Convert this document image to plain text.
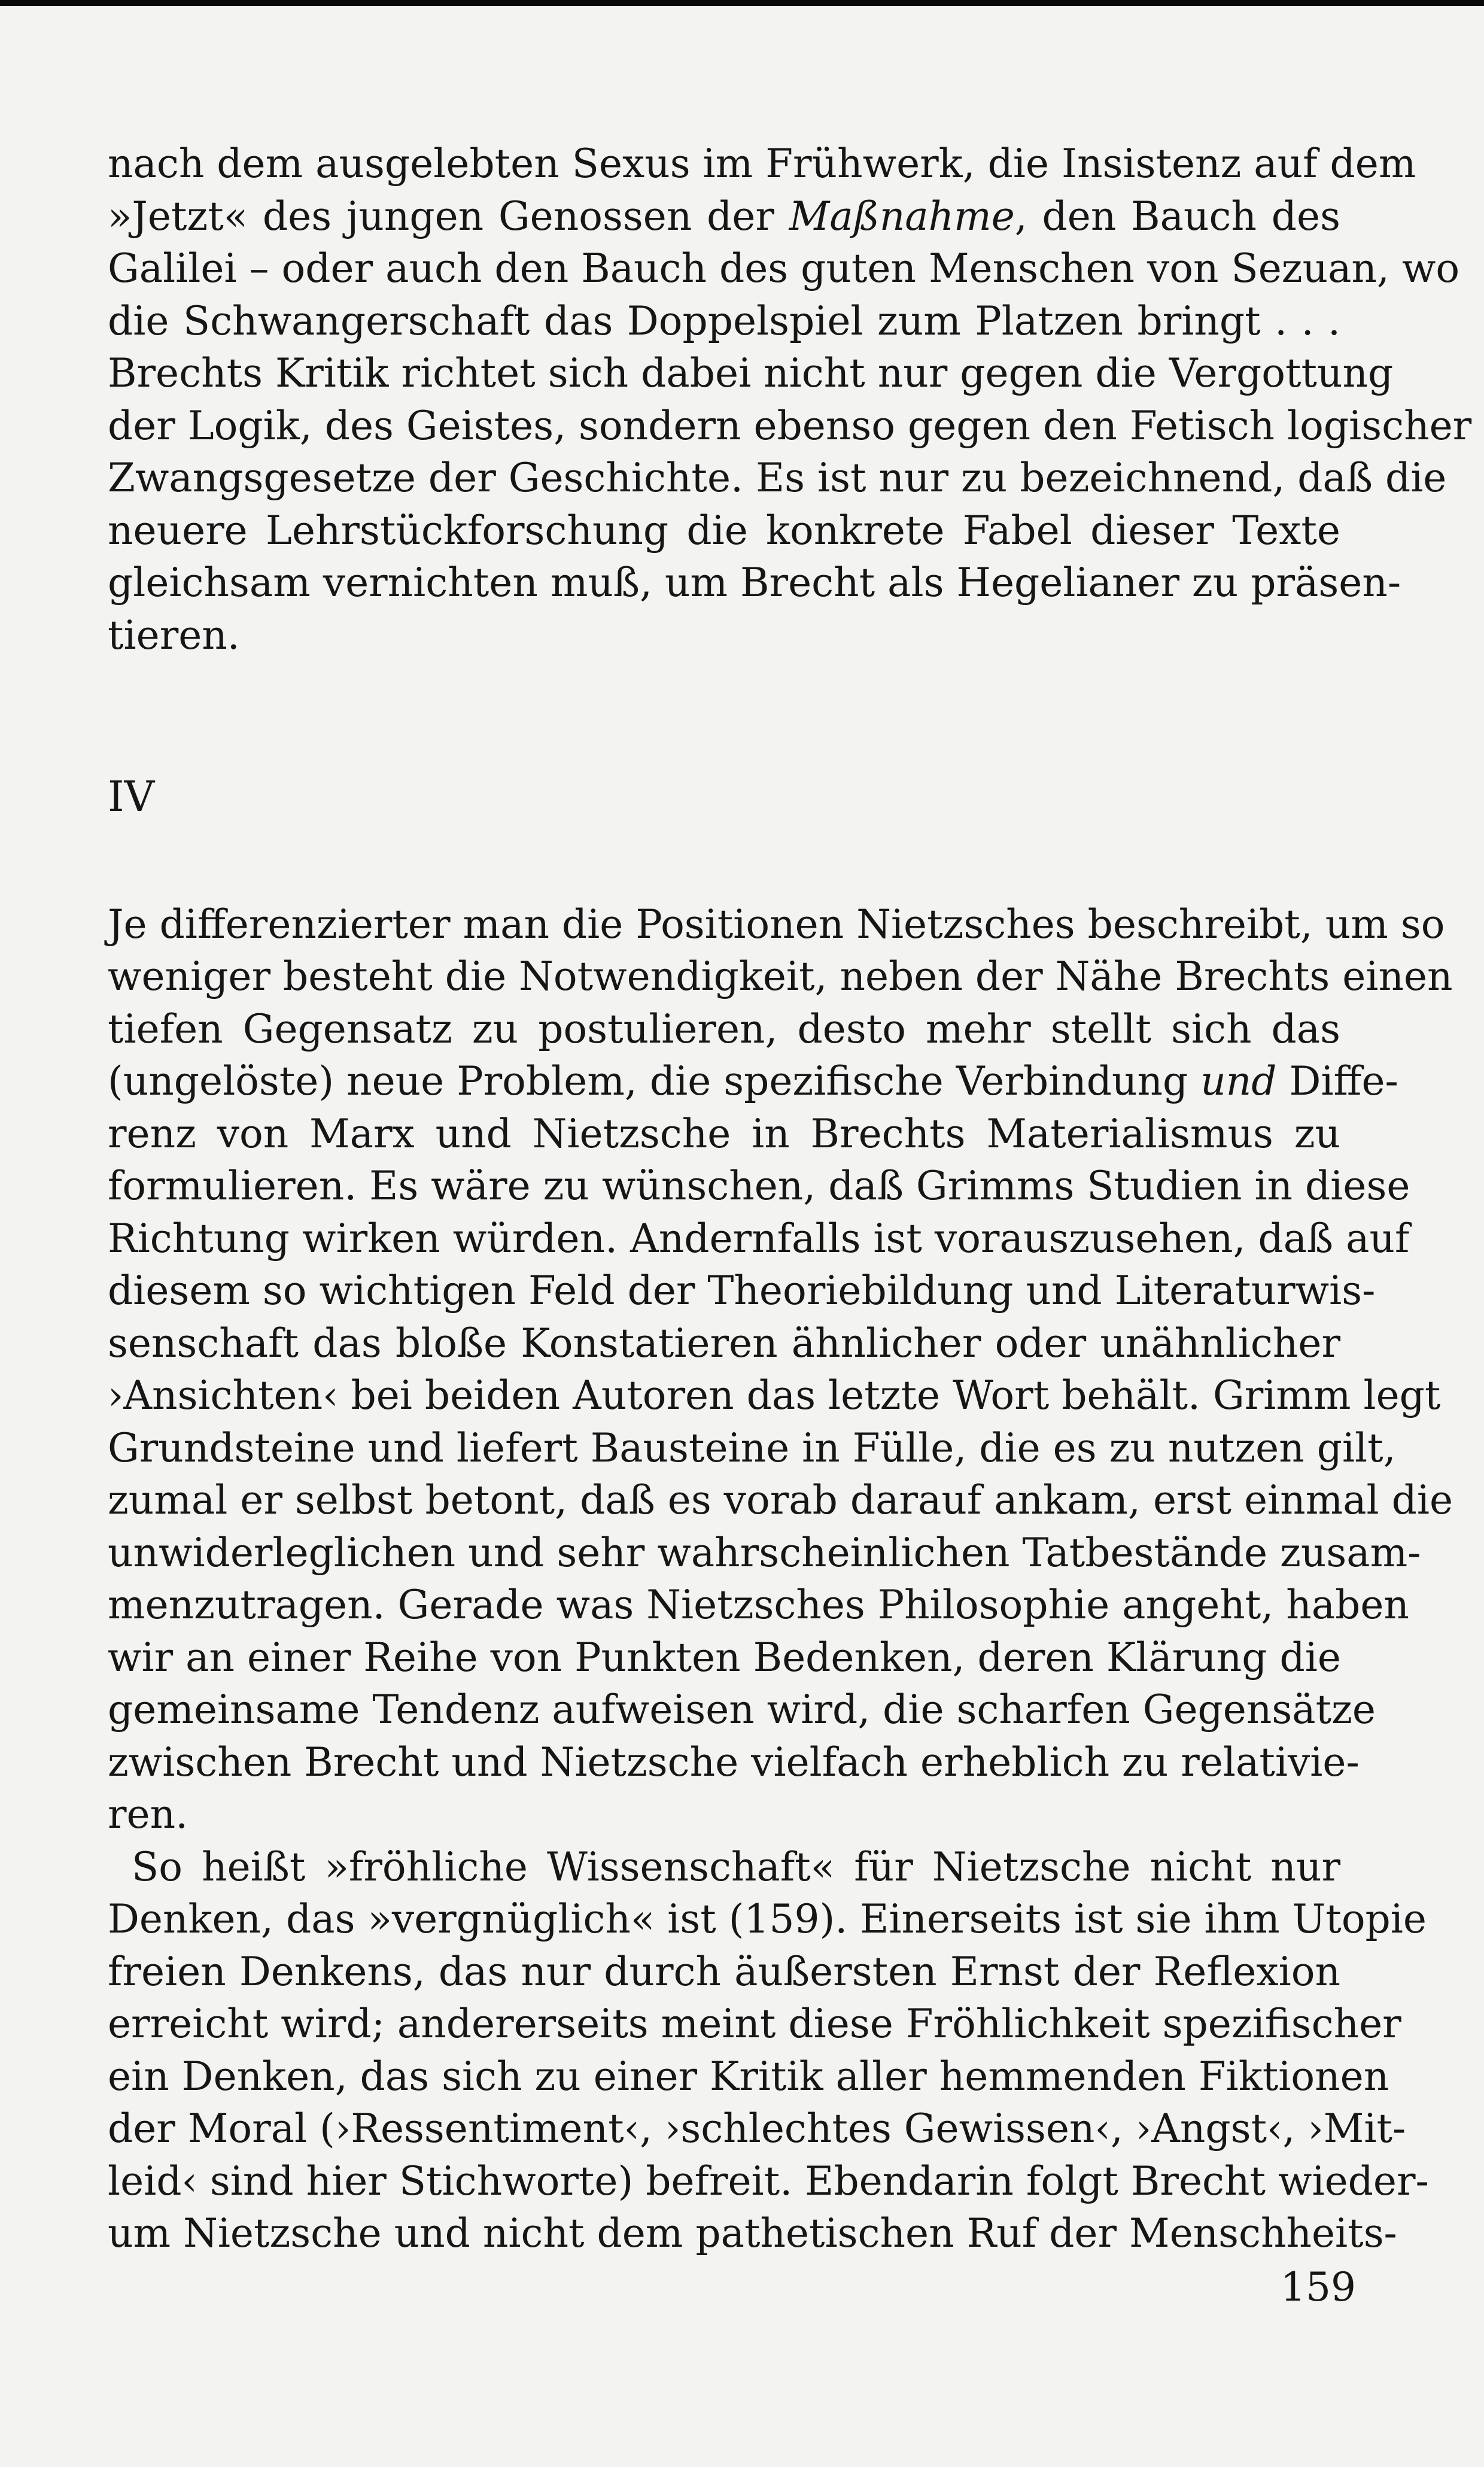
nach dem ausgelebten Sexus im Frühwerk, die Insistenz auf dem
»Jetzt« des jungen Genossen der Maßnahme, den Bauch des
Galilei – oder auch den Bauch des guten Menschen von Sezuan, wo
die Schwangerschaft das Doppelspiel zum Platzen bringt . . .
Brechts Kritik richtet sich dabei nicht nur gegen die Vergottung
der Logik, des Geistes, sondern ebenso gegen den Fetisch logischer
Zwangsgesetze der Geschichte. Es ist nur zu bezeichnend, daß die
neuere Lehrstückforschung die konkrete Fabel dieser Texte
gleichsam vernichten muß, um Brecht als Hegelianer zu präsen-
tieren.
IV
Je differenzierter man die Positionen Nietzsches beschreibt, um so
weniger besteht die Notwendigkeit, neben der Nähe Brechts einen
tiefen Gegensatz zu postulieren, desto mehr stellt sich das
(ungelöste) neue Problem, die spezifische Verbindung und Diffe-
renz von Marx und Nietzsche in Brechts Materialismus zu
formulieren. Es wäre zu wünschen, daß Grimms Studien in diese
Richtung wirken würden. Andernfalls ist vorauszusehen, daß auf
diesem so wichtigen Feld der Theoriebildung und Literaturwis-
senschaft das bloße Konstatieren ähnlicher oder unähnlicher
›Ansichten‹ bei beiden Autoren das letzte Wort behält. Grimm legt
Grundsteine und liefert Bausteine in Fülle, die es zu nutzen gilt,
zumal er selbst betont, daß es vorab darauf ankam, erst einmal die
unwiderleglichen und sehr wahrscheinlichen Tatbestände zusam-
menzutragen. Gerade was Nietzsches Philosophie angeht, haben
wir an einer Reihe von Punkten Bedenken, deren Klärung die
gemeinsame Tendenz aufweisen wird, die scharfen Gegensätze
zwischen Brecht und Nietzsche vielfach erheblich zu relativie-
ren.
So heißt »fröhliche Wissenschaft« für Nietzsche nicht nur
Denken, das »vergnüglich« ist (159). Einerseits ist sie ihm Utopie
freien Denkens, das nur durch äußersten Ernst der Reflexion
erreicht wird; andererseits meint diese Fröhlichkeit spezifischer
ein Denken, das sich zu einer Kritik aller hemmenden Fiktionen
der Moral (›Ressentiment‹, ›schlechtes Gewissen‹, ›Angst‹, ›Mit-
leid‹ sind hier Stichworte) befreit. Ebendarin folgt Brecht wieder-
um Nietzsche und nicht dem pathetischen Ruf der Menschheits-
159
